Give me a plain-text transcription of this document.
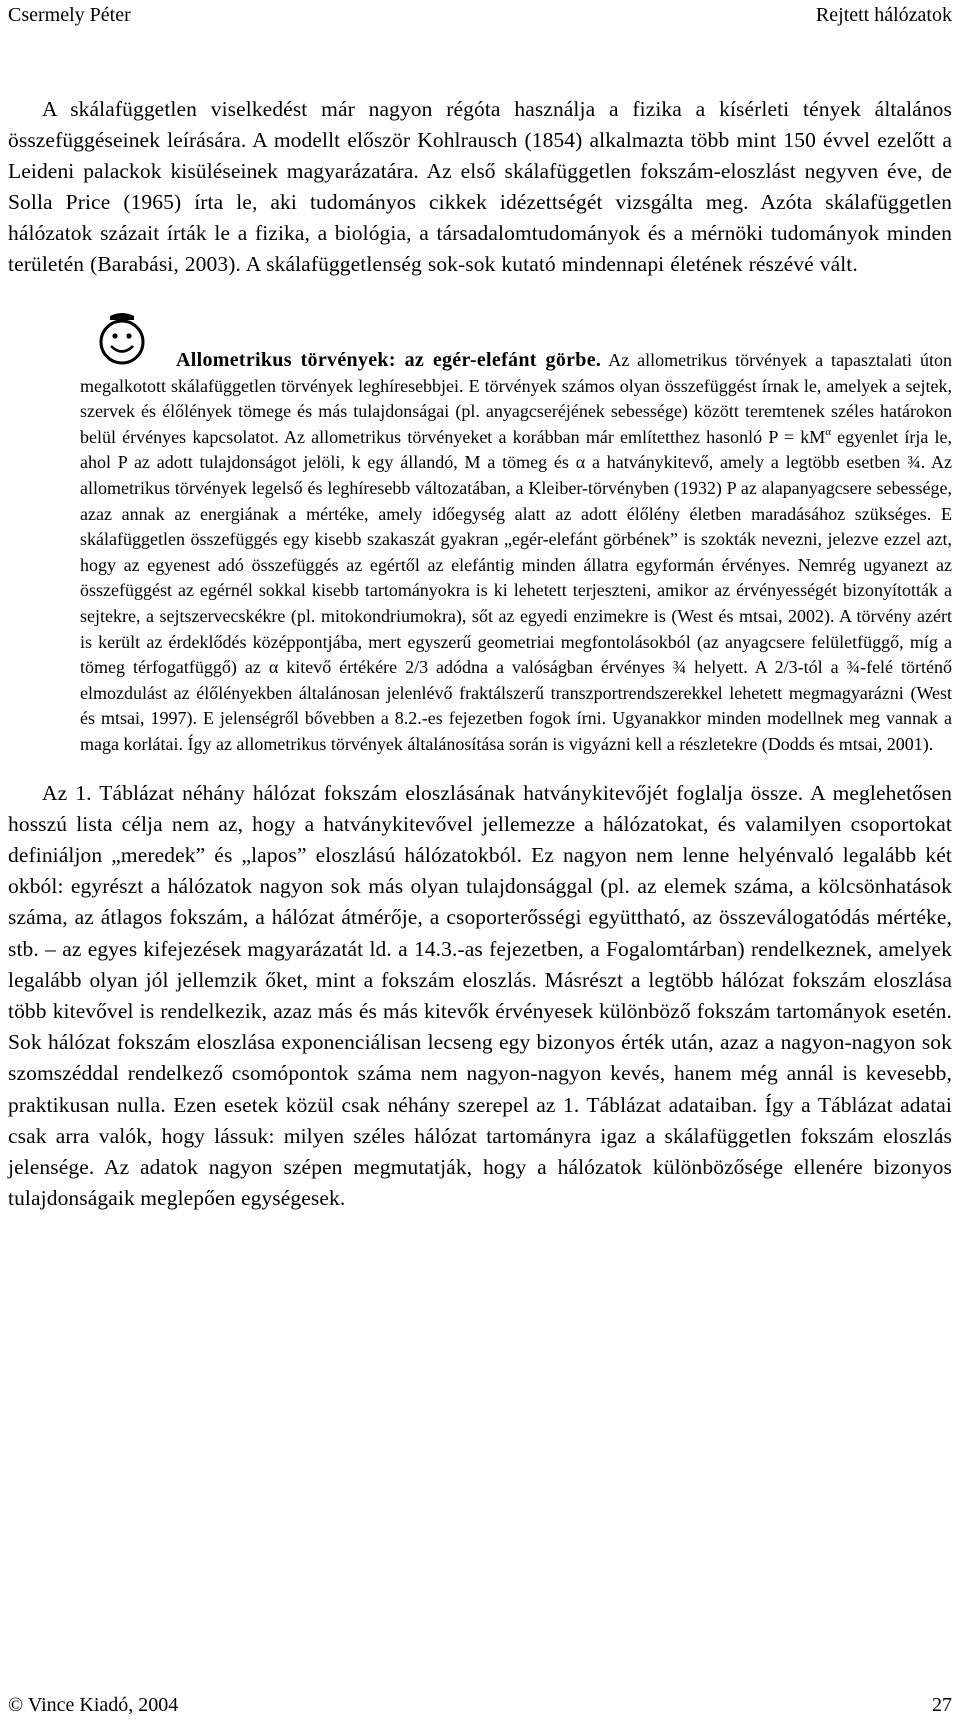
Csermely Péter	Rejtett hálózatok

A skálafüggetlen viselkedést már nagyon régóta használja a fizika a kísérleti tények általános összefüggéseinek leírására. A modellt először Kohlrausch (1854) alkalmazta több mint 150 évvel ezelőtt a Leideni palackok kisüléseinek magyarázatára. Az első skálafüggetlen fokszám-eloszlást negyven éve, de Solla Price (1965) írta le, aki tudományos cikkek idézettségét vizsgálta meg. Azóta skálafüggetlen hálózatok százait írták le a fizika, a biológia, a társadalomtudományok és a mérnöki tudományok minden területén (Barabási, 2003). A skálafüggetlenség sok-sok kutató mindennapi életének részévé vált.

Allometrikus törvények: az egér-elefánt görbe. Az allometrikus törvények a tapasztalati úton megalkotott skálafüggetlen törvények leghíresebbjei. E törvények számos olyan összefüggést írnak le, amelyek a sejtek, szervek és élőlények tömege és más tulajdonságai (pl. anyagcseréjének sebessége) között teremtenek széles határokon belül érvényes kapcsolatot. Az allometrikus törvényeket a korábban már említetthez hasonló $P = kM^\alpha$ egyenlet írja le, ahol P az adott tulajdonságot jelöli, k egy állandó, M a tömeg és α a hatványkitevő, amely a legtöbb esetben ¾. Az allometrikus törvények legelső és leghíresebb változatában, a Kleiber-törvényben (1932) P az alapanyagcsere sebessége, azaz annak az energiának a mértéke, amely időegység alatt az adott élőlény életben maradásához szükséges. E skálafüggetlen összefüggés egy kisebb szakaszát gyakran „egér-elefánt görbének” is szokták nevezni, jelezve ezzel azt, hogy az egyenest adó összefüggés az egértől az elefántig minden állatra egyformán érvényes. Nemrég ugyanezt az összefüggést az egérnél sokkal kisebb tartományokra is ki lehetett terjeszteni, amikor az érvényességét bizonyították a sejtekre, a sejtszervecskékre (pl. mitokondriumokra), sőt az egyedi enzimekre is (West és mtsai, 2002). A törvény azért is került az érdeklődés középpontjába, mert egyszerű geometriai megfontolásokból (az anyagcsere felületfüggő, míg a tömeg térfogatfüggő) az α kitevő értékére 2/3 adódna a valóságban érvényes ¾ helyett. A 2/3-tól a ¾-felé történő elmozdulást az élőlényekben általánosan jelenlévő fraktálszerű transzportrendszerekkel lehetett megmagyarázni (West és mtsai, 1997). E jelenségről bővebben a 8.2.-es fejezetben fogok írni. Ugyanakkor minden modellnek meg vannak a maga korlátai. Így az allometrikus törvények általánosítása során is vigyázni kell a részletekre (Dodds és mtsai, 2001).

Az 1. Táblázat néhány hálózat fokszám eloszlásának hatványkitevőjét foglalja össze. A meglehetősen hosszú lista célja nem az, hogy a hatványkitevővel jellemezze a hálózatokat, és valamilyen csoportokat definiáljon „meredek” és „lapos” eloszlású hálózatokból. Ez nagyon nem lenne helyénvaló legalább két okból: egyrészt a hálózatok nagyon sok más olyan tulajdonsággal (pl. az elemek száma, a kölcsönhatások száma, az átlagos fokszám, a hálózat átmérője, a csoporterősségi együttható, az összeválogatódás mértéke, stb. – az egyes kifejezések magyarázatát ld. a 14.3.-as fejezetben, a Fogalomtárban) rendelkeznek, amelyek legalább olyan jól jellemzik őket, mint a fokszám eloszlás. Másrészt a legtöbb hálózat fokszám eloszlása több kitevővel is rendelkezik, azaz más és más kitevők érvényesek különböző fokszám tartományok esetén. Sok hálózat fokszám eloszlása exponenciálisan lecseng egy bizonyos érték után, azaz a nagyon-nagyon sok szomszéddal rendelkező csomópontok száma nem nagyon-nagyon kevés, hanem még annál is kevesebb, praktikusan nulla. Ezen esetek közül csak néhány szerepel az 1. Táblázat adataiban. Így a Táblázat adatai csak arra valók, hogy lássuk: milyen széles hálózat tartományra igaz a skálafüggetlen fokszám eloszlás jelensége. Az adatok nagyon szépen megmutatják, hogy a hálózatok különbözősége ellenére bizonyos tulajdonságaik meglepően egységesek.

© Vince Kiadó, 2004	27
